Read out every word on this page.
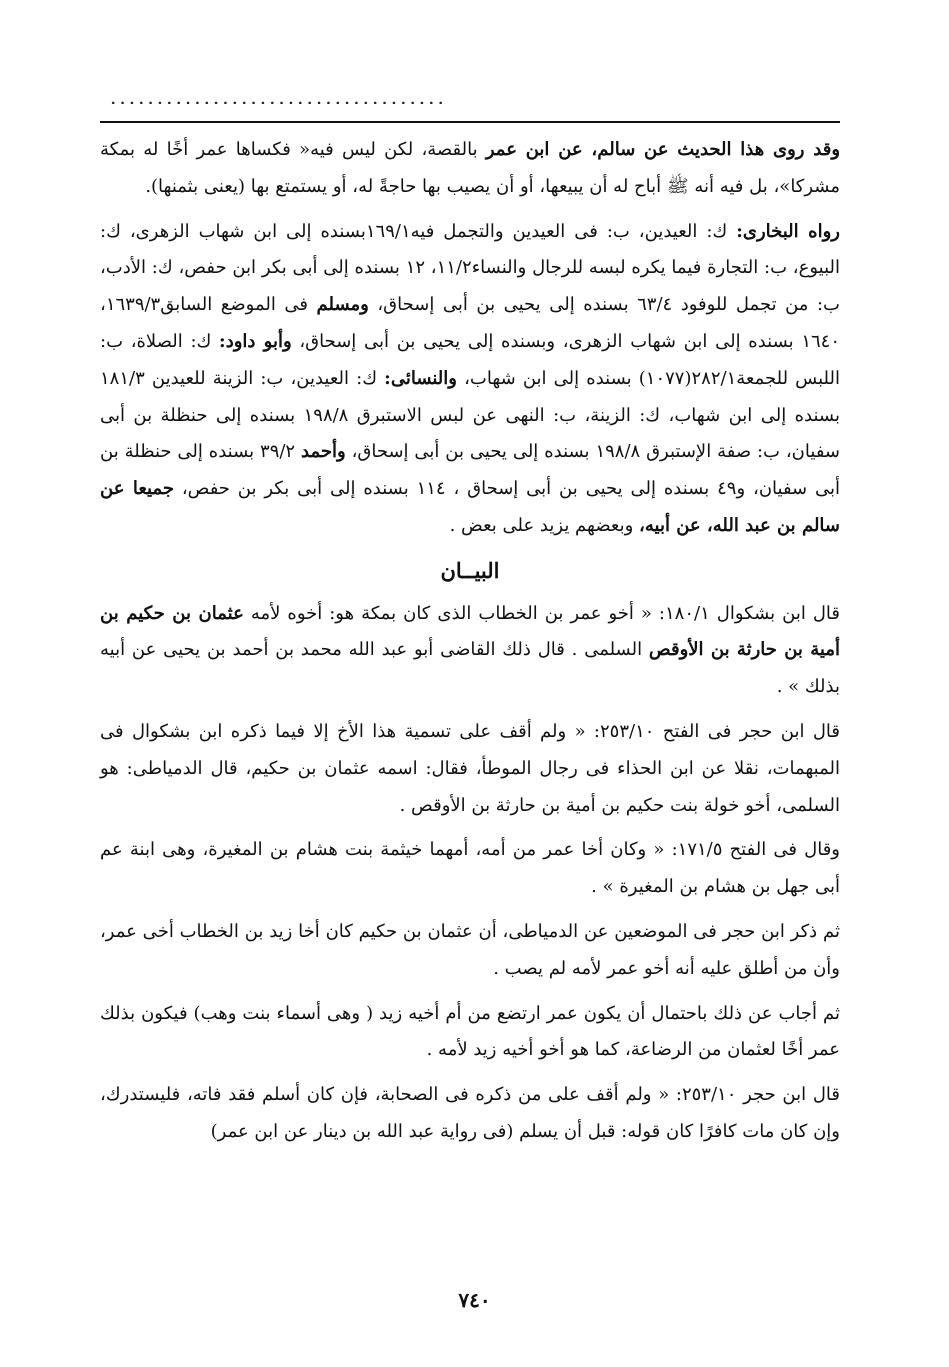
....................................

وقد روى هذا الحديث عن سالم، عن ابن عمر بالقصة، لكن ليس فيه« فكساها عمر أخًا له بمكة مشركا»، بل فيه أنه ﷺ أباح له أن يبيعها، أو أن يصيب بها حاجةً له، أو يستمتع بها (يعنى بثمنها).

رواه البخارى: ك: العيدين، ب: فى العيدين والتجمل فيه١٦٩/١بسنده إلى ابن شهاب الزهرى، ك: البيوع، ب: التجارة فيما يكره لبسه للرجال والنساء١١/٢، ١٢ بسنده إلى أبى بكر ابن حفص، ك: الأدب، ب: من تجمل للوفود ٦٣/٤ بسنده إلى يحيى بن أبى إسحاق، ومسلم فى الموضع السابق١٦٣٩/٣، ١٦٤٠ بسنده إلى ابن شهاب الزهرى، وبسنده إلى يحيى بن أبى إسحاق، وأبو داود: ك: الصلاة، ب: اللبس للجمعة٢٨٢/١(١٠٧٧) بسنده إلى ابن شهاب، والنسائى: ك: العيدين، ب: الزينة للعيدين ١٨١/٣ بسنده إلى ابن شهاب، ك: الزينة، ب: النهى عن لبس الاستبرق ١٩٨/٨ بسنده إلى حنظلة بن أبى سفيان، ب: صفة الإستبرق ١٩٨/٨ بسنده إلى يحيى بن أبى إسحاق، وأحمد ٣٩/٢ بسنده إلى حنظلة بن أبى سفيان، و٤٩ بسنده إلى يحيى بن أبى إسحاق ، ١١٤ بسنده إلى أبى بكر بن حفص، جميعا عن سالم بن عبد الله، عن أبيه، وبعضهم يزيد على بعض .

البيــان

قال ابن بشكوال ١٨٠/١: « أخو عمر بن الخطاب الذى كان بمكة هو: أخوه لأمه عثمان بن حكيم بن أمية بن حارثة بن الأوقص السلمى . قال ذلك القاضى أبو عبد الله محمد بن أحمد بن يحيى عن أبيه بذلك » .

قال ابن حجر فى الفتح ٢٥٣/١٠: « ولم أقف على تسمية هذا الأخ إلا فيما ذكره ابن بشكوال فى المبهمات، نقلا عن ابن الحذاء فى رجال الموطأ، فقال: اسمه عثمان بن حكيم، قال الدمياطى: هو السلمى، أخو خولة بنت حكيم بن أمية بن حارثة بن الأوقص .

وقال فى الفتح ١٧١/٥: « وكان أخا عمر من أمه، أمهما خيثمة بنت هشام بن المغيرة، وهى ابنة عم أبى جهل بن هشام بن المغيرة » .

ثم ذكر ابن حجر فى الموضعين عن الدمياطى، أن عثمان بن حكيم كان أخا زيد بن الخطاب أخى عمر، وأن من أطلق عليه أنه أخو عمر لأمه لم يصب .

ثم أجاب عن ذلك باحتمال أن يكون عمر ارتضع من أم أخيه زيد ( وهى أسماء بنت وهب) فيكون بذلك عمر أخًا لعثمان من الرضاعة، كما هو أخو أخيه زيد لأمه .

قال ابن حجر ٢٥٣/١٠: « ولم أقف على من ذكره فى الصحابة، فإن كان أسلم فقد فاته، فليستدرك، وإن كان مات كافرًا كان قوله: قبل أن يسلم (فى رواية عبد الله بن دينار عن ابن عمر)

٧٤٠
